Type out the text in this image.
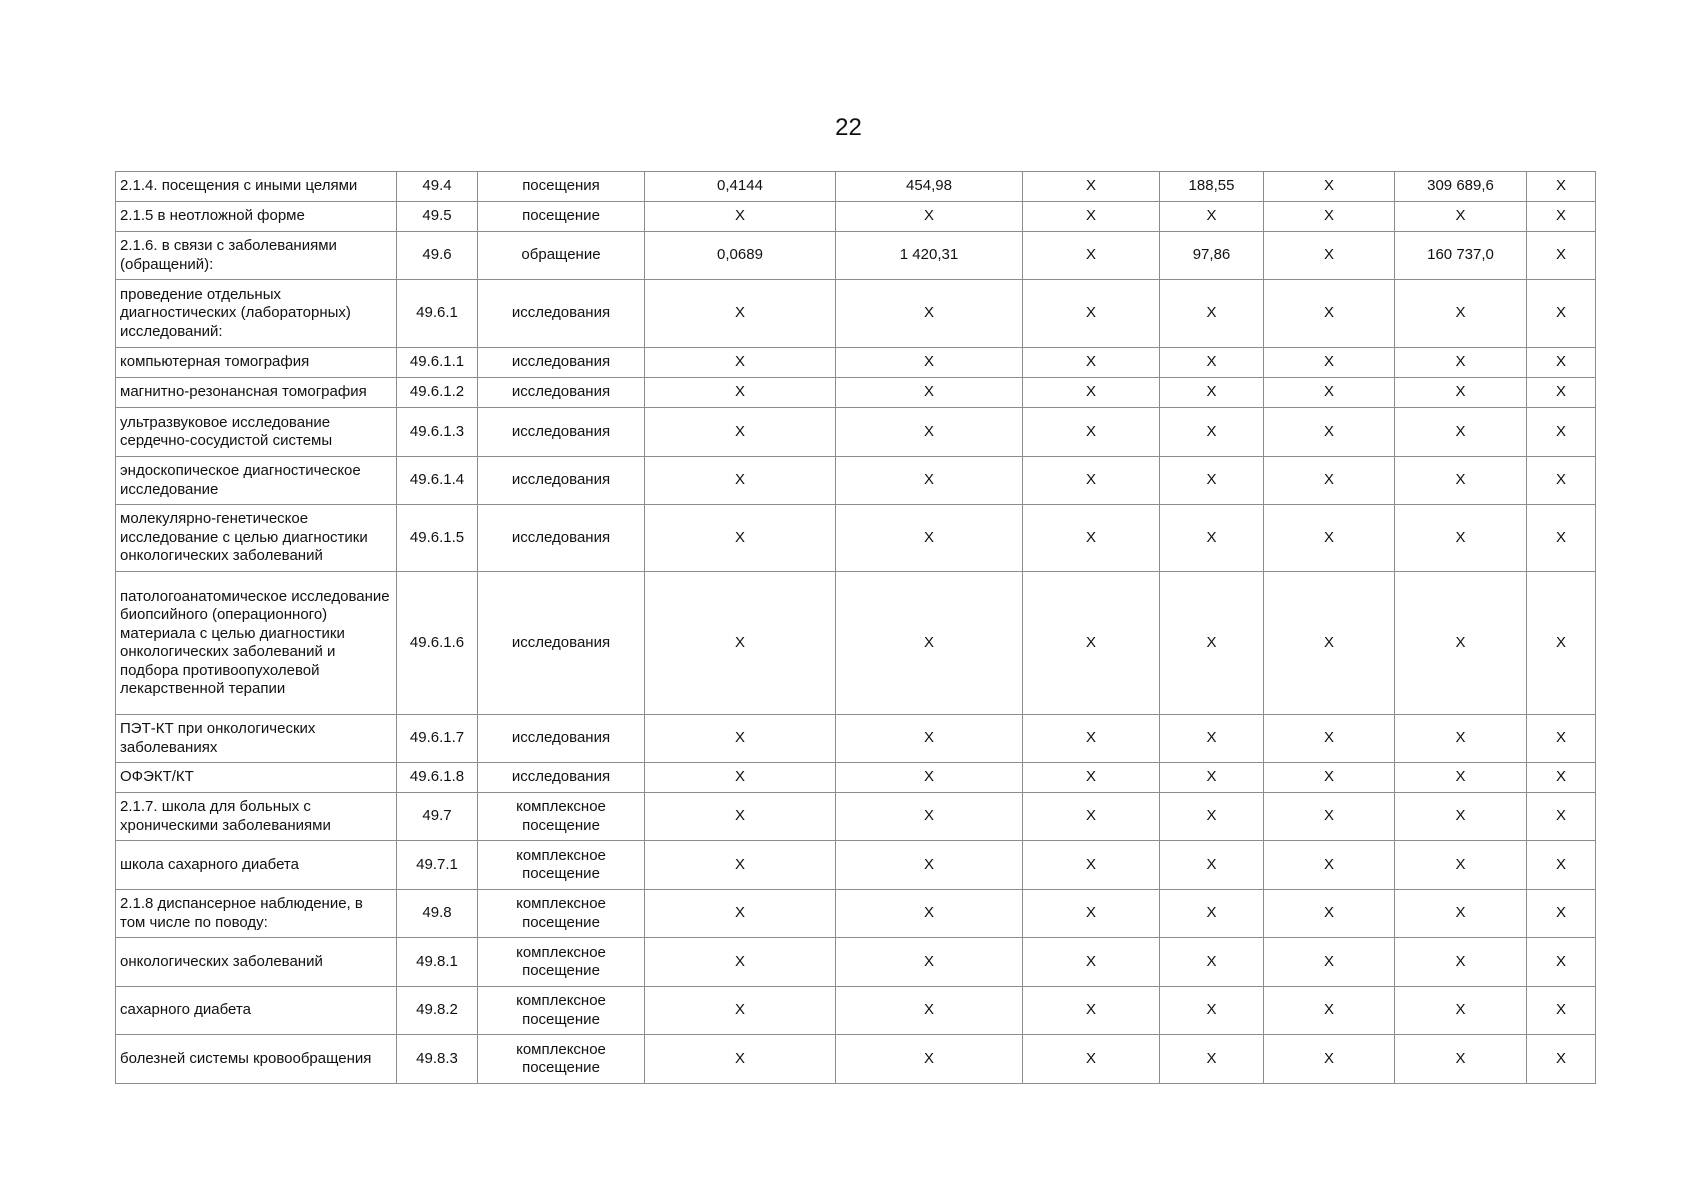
22
2.1.4. посещения с иными целями	49.4	посещения	0,4144	454,98	X	188,55	X	309 689,6	X
2.1.5 в неотложной форме	49.5	посещение	X	X	X	X	X	X	X
2.1.6. в связи с заболеваниями (обращений):	49.6	обращение	0,0689	1 420,31	X	97,86	X	160 737,0	X
проведение отдельных диагностических (лабораторных) исследований:	49.6.1	исследования	X	X	X	X	X	X	X
компьютерная томография	49.6.1.1	исследования	X	X	X	X	X	X	X
магнитно-резонансная томография	49.6.1.2	исследования	X	X	X	X	X	X	X
ультразвуковое исследование сердечно-сосудистой системы	49.6.1.3	исследования	X	X	X	X	X	X	X
эндоскопическое диагностическое исследование	49.6.1.4	исследования	X	X	X	X	X	X	X
молекулярно-генетическое исследование с целью диагностики онкологических заболеваний	49.6.1.5	исследования	X	X	X	X	X	X	X
патологоанатомическое исследование биопсийного (операционного) материала с целью диагностики онкологических заболеваний и подбора противоопухолевой лекарственной терапии	49.6.1.6	исследования	X	X	X	X	X	X	X
ПЭТ-КТ при онкологических заболеваниях	49.6.1.7	исследования	X	X	X	X	X	X	X
ОФЭКТ/КТ	49.6.1.8	исследования	X	X	X	X	X	X	X
2.1.7. школа для больных с хроническими заболеваниями	49.7	комплексное посещение	X	X	X	X	X	X	X
школа сахарного диабета	49.7.1	комплексное посещение	X	X	X	X	X	X	X
2.1.8 диспансерное наблюдение, в том числе по поводу:	49.8	комплексное посещение	X	X	X	X	X	X	X
онкологических заболеваний	49.8.1	комплексное посещение	X	X	X	X	X	X	X
сахарного диабета	49.8.2	комплексное посещение	X	X	X	X	X	X	X
болезней системы кровообращения	49.8.3	комплексное посещение	X	X	X	X	X	X	X
